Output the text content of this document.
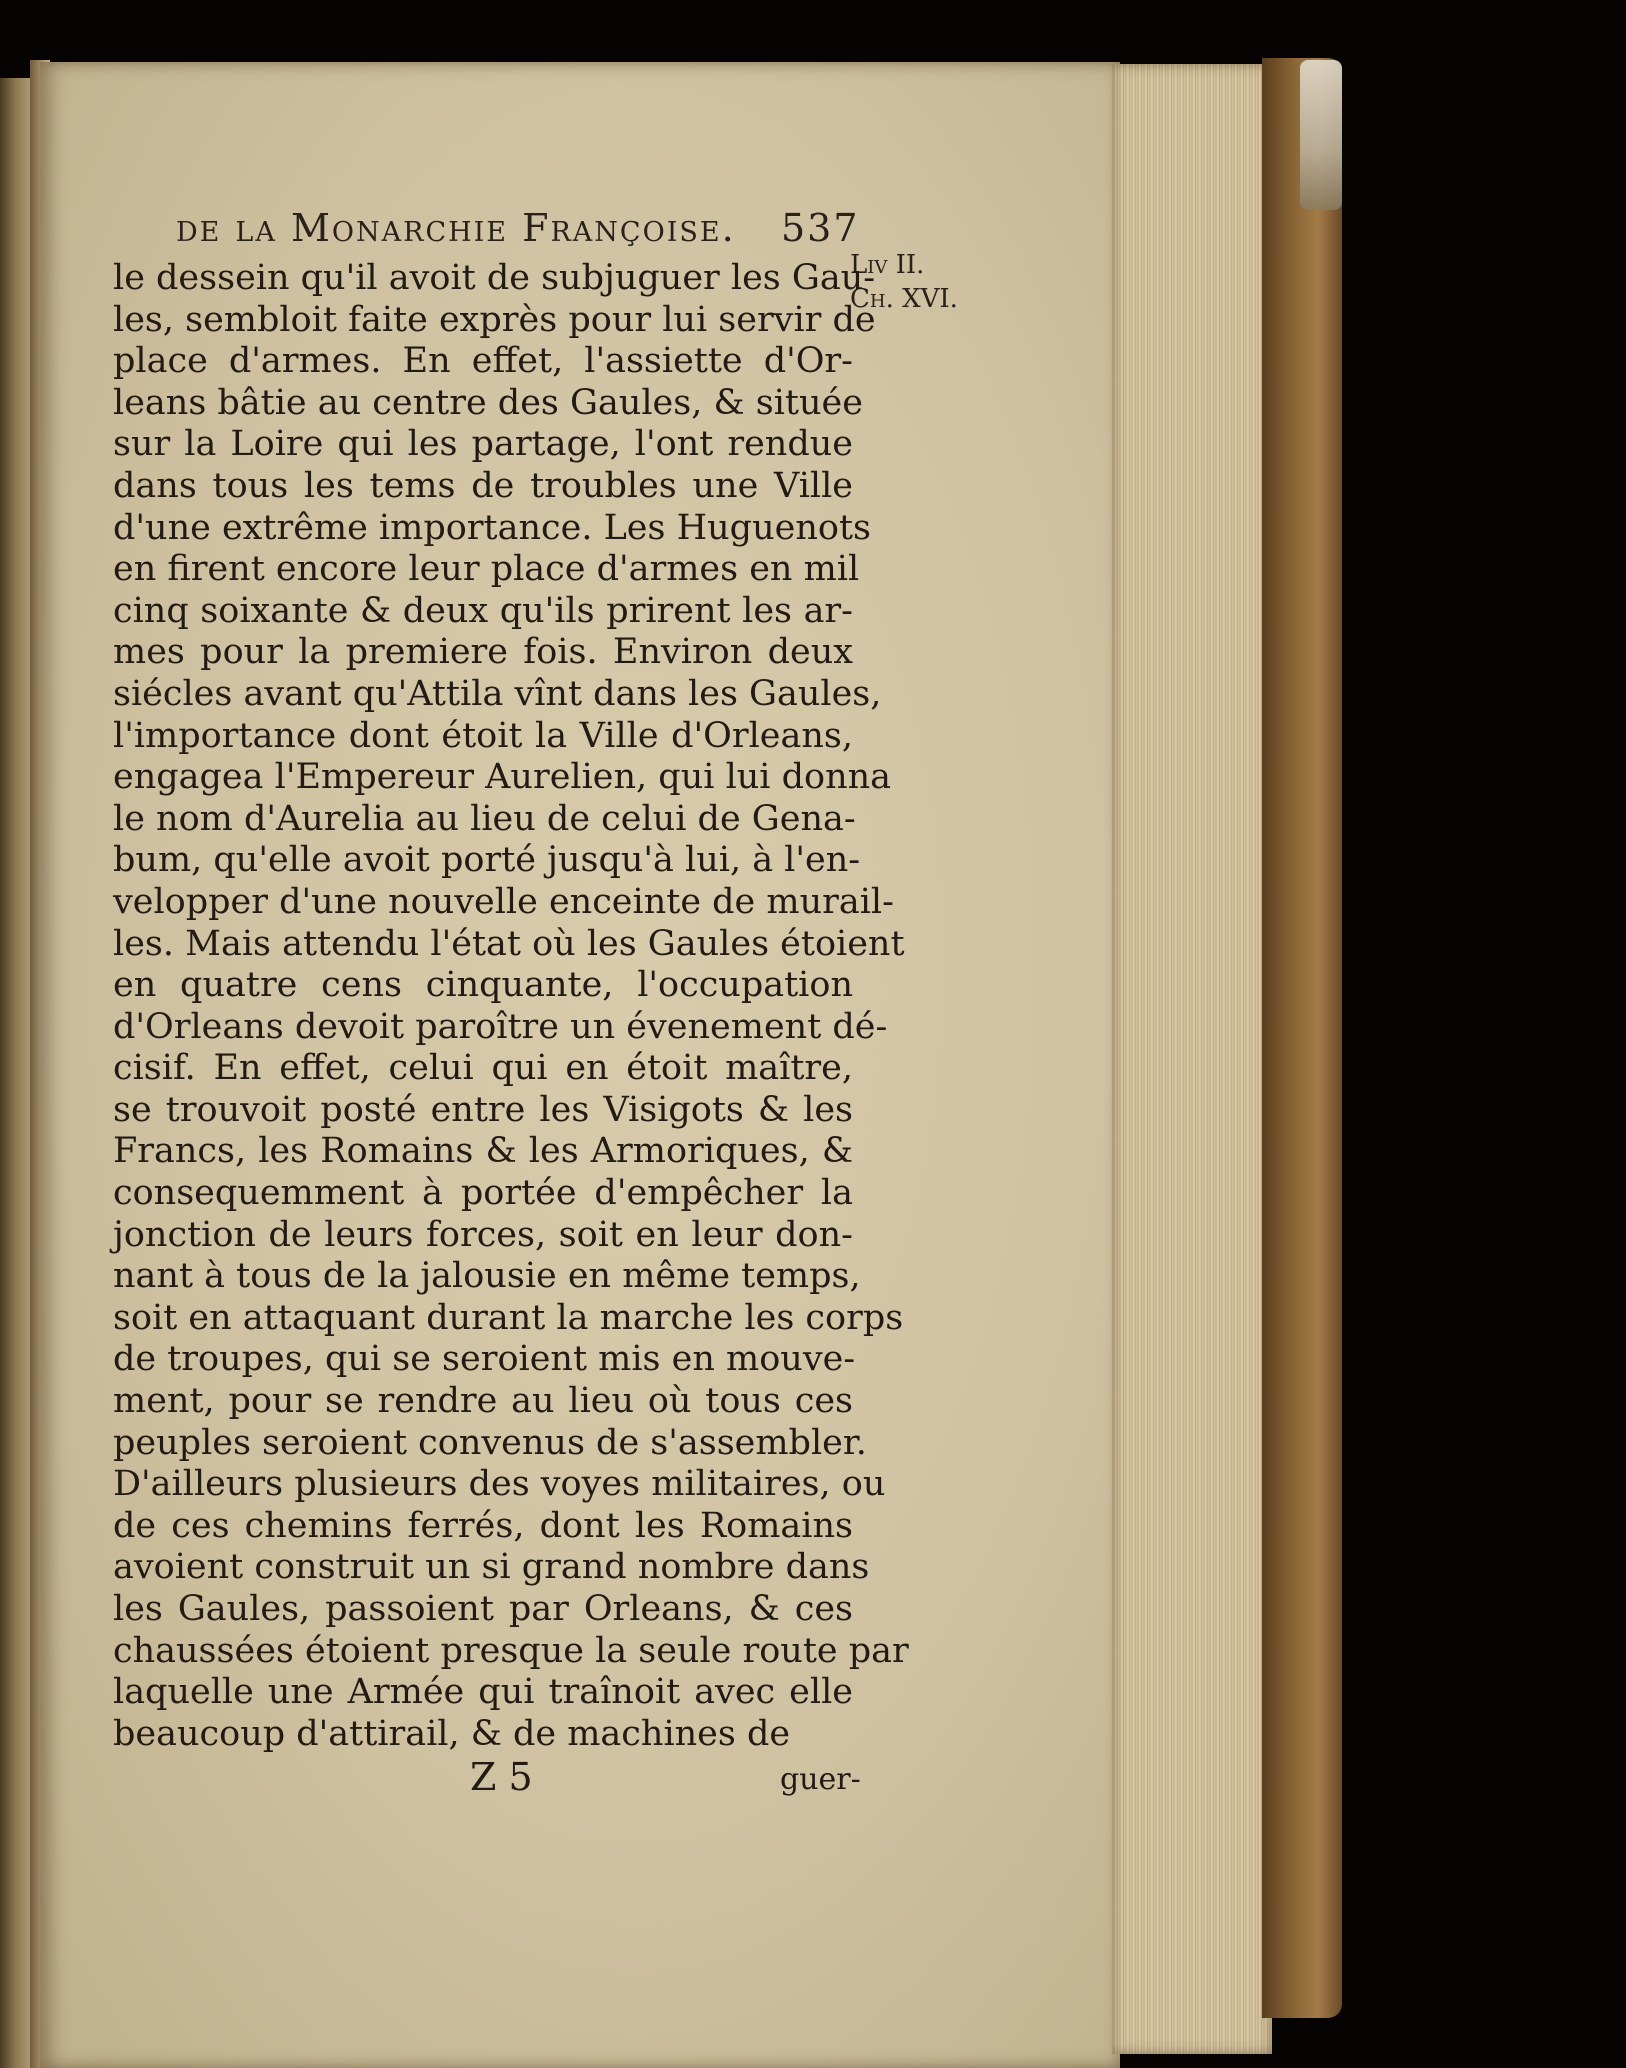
de la Monarchie Françoise. 537
Liv II.
Ch. XVI.
le dessein qu'il avoit de subjuguer les Gau-
les, sembloit faite exprès pour lui servir de
place d'armes. En effet, l'assiette d'Or-
leans bâtie au centre des Gaules, & située
sur la Loire qui les partage, l'ont rendue
dans tous les tems de troubles une Ville
d'une extrême importance. Les Huguenots
en firent encore leur place d'armes en mil
cinq soixante & deux qu'ils prirent les ar-
mes pour la premiere fois. Environ deux
siécles avant qu'Attila vînt dans les Gaules,
l'importance dont étoit la Ville d'Orleans,
engagea l'Empereur Aurelien, qui lui donna
le nom d'Aurelia au lieu de celui de Gena-
bum, qu'elle avoit porté jusqu'à lui, à l'en-
velopper d'une nouvelle enceinte de murail-
les. Mais attendu l'état où les Gaules étoient
en quatre cens cinquante, l'occupation
d'Orleans devoit paroître un évenement dé-
cisif. En effet, celui qui en étoit maître,
se trouvoit posté entre les Visigots & les
Francs, les Romains & les Armoriques, &
consequemment à portée d'empêcher la
jonction de leurs forces, soit en leur don-
nant à tous de la jalousie en même temps,
soit en attaquant durant la marche les corps
de troupes, qui se seroient mis en mouve-
ment, pour se rendre au lieu où tous ces
peuples seroient convenus de s'assembler.
D'ailleurs plusieurs des voyes militaires, ou
de ces chemins ferrés, dont les Romains
avoient construit un si grand nombre dans
les Gaules, passoient par Orleans, & ces
chaussées étoient presque la seule route par
laquelle une Armée qui traînoit avec elle
beaucoup d'attirail, & de machines de
Z 5	guer-
